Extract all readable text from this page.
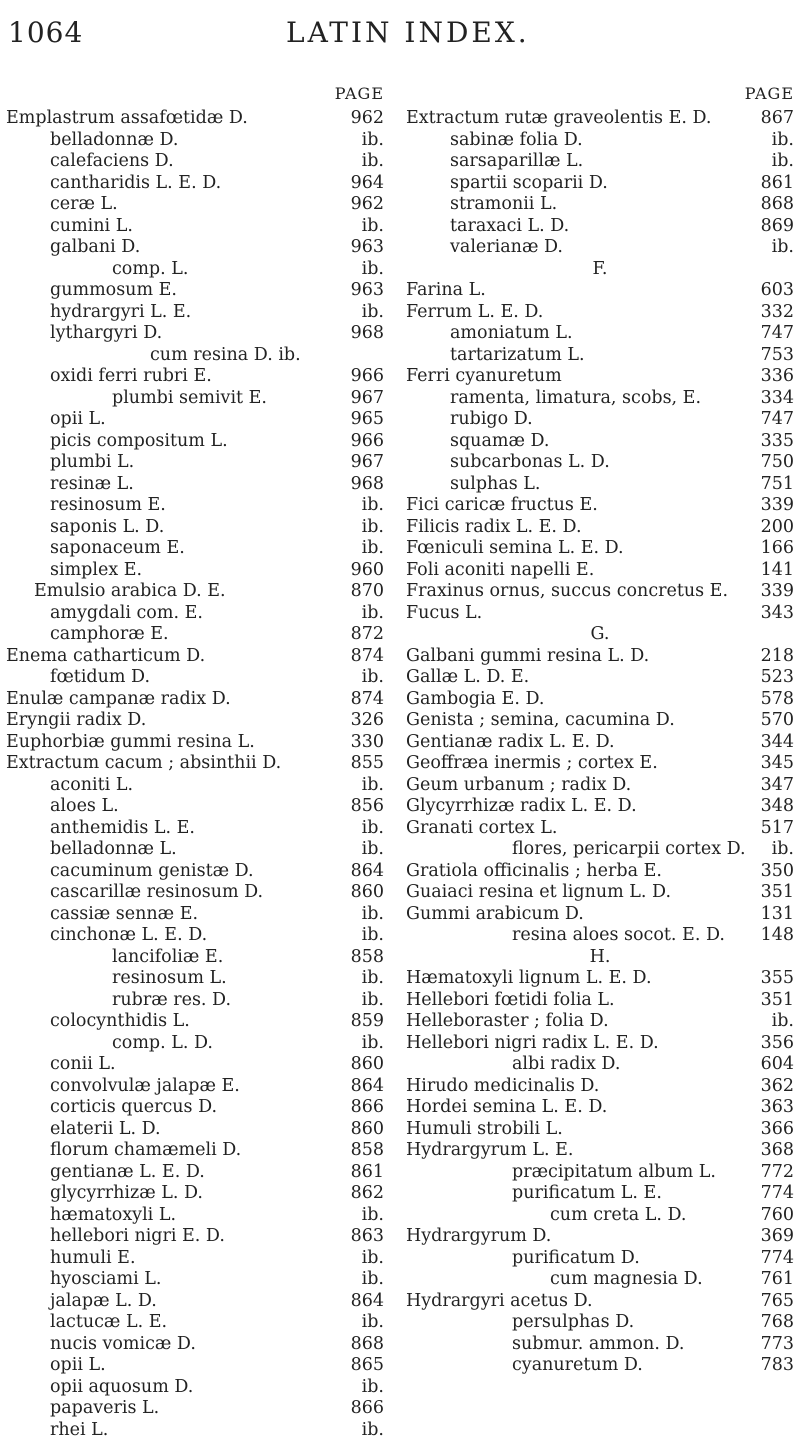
1064	LATIN INDEX.
PAGE
Emplastrum assafœtidæ D.	962
belladonnæ D.	ib.
calefaciens D.	ib.
cantharidis L. E. D.	964
ceræ L.	962
cumini L.	ib.
galbani D.	963
comp. L.	ib.
gummosum E.	963
hydrargyri L. E.	ib.
lythargyri D.	968
cum resina D. ib.
oxidi ferri rubri E.	966
plumbi semivit E.	967
opii L.	965
picis compositum L.	966
plumbi L.	967
resinæ L.	968
resinosum E.	ib.
saponis L. D.	ib.
saponaceum E.	ib.
simplex E.	960
Emulsio arabica D. E.	870
amygdali com. E.	ib.
camphoræ E.	872
Enema catharticum D.	874
fœtidum D.	ib.
Enulæ campanæ radix D.	874
Eryngii radix D.	326
Euphorbiæ gummi resina L.	330
Extractum cacum ; absinthii D.	855
aconiti L.	ib.
aloes L.	856
anthemidis L. E.	ib.
belladonnæ L.	ib.
cacuminum genistæ D.	864
cascarillæ resinosum D.	860
cassiæ sennæ E.	ib.
cinchonæ L. E. D.	ib.
lancifoliæ E.	858
resinosum L.	ib.
rubræ res. D.	ib.
colocynthidis L.	859
comp. L. D.	ib.
conii L.	860
convolvulæ jalapæ E.	864
corticis quercus D.	866
elaterii L. D.	860
florum chamæmeli D.	858
gentianæ L. E. D.	861
glycyrrhizæ L. D.	862
hæmatoxyli L.	ib.
hellebori nigri E. D.	863
humuli E.	ib.
hyosciami L.	ib.
jalapæ L. D.	864
lactucæ L. E.	ib.
nucis vomicæ D.	868
opii L.	865
opii aquosum D.	ib.
papaveris L.	866
rhei L.	ib.
PAGE
Extractum rutæ graveolentis E. D.	867
sabinæ folia D.	ib.
sarsaparillæ L.	ib.
spartii scoparii D.	861
stramonii L.	868
taraxaci L. D.	869
valerianæ D.	ib.
F.
Farina L.	603
Ferrum L. E. D.	332
amoniatum L.	747
tartarizatum L.	753
Ferri cyanuretum	336
ramenta, limatura, scobs, E.	334
rubigo D.	747
squamæ D.	335
subcarbonas L. D.	750
sulphas L.	751
Fici caricæ fructus E.	339
Filicis radix L. E. D.	200
Fœniculi semina L. E. D.	166
Foli aconiti napelli E.	141
Fraxinus ornus, succus concretus E. 339
Fucus L.	343
G.
Galbani gummi resina L. D.	218
Gallæ L. D. E.	523
Gambogia E. D.	578
Genista ; semina, cacumina D.	570
Gentianæ radix L. E. D.	344
Geoffræa inermis ; cortex E.	345
Geum urbanum ; radix D.	347
Glycyrrhizæ radix L. E. D.	348
Granati cortex L.	517
flores, pericarpii cortex D. ib.
Gratiola officinalis ; herba E.	350
Guaiaci resina et lignum L. D.	351
Gummi arabicum D.	131
resina aloes socot. E. D. 148
H.
Hæmatoxyli lignum L. E. D.	355
Hellebori fœtidi folia L.	351
Helleboraster ; folia D.	ib.
Hellebori nigri radix L. E. D.	356
albi radix D.	604
Hirudo medicinalis D.	362
Hordei semina L. E. D.	363
Humuli strobili L.	366
Hydrargyrum L. E.	368
præcipitatum album L.	772
purificatum L. E.	774
cum creta L. D.	760
Hydrargyrum D.	369
purificatum D.	774
cum magnesia D.	761
Hydrargyri acetus D.	765
persulphas D.	768
submur. ammon. D.	773
cyanuretum D.	783
